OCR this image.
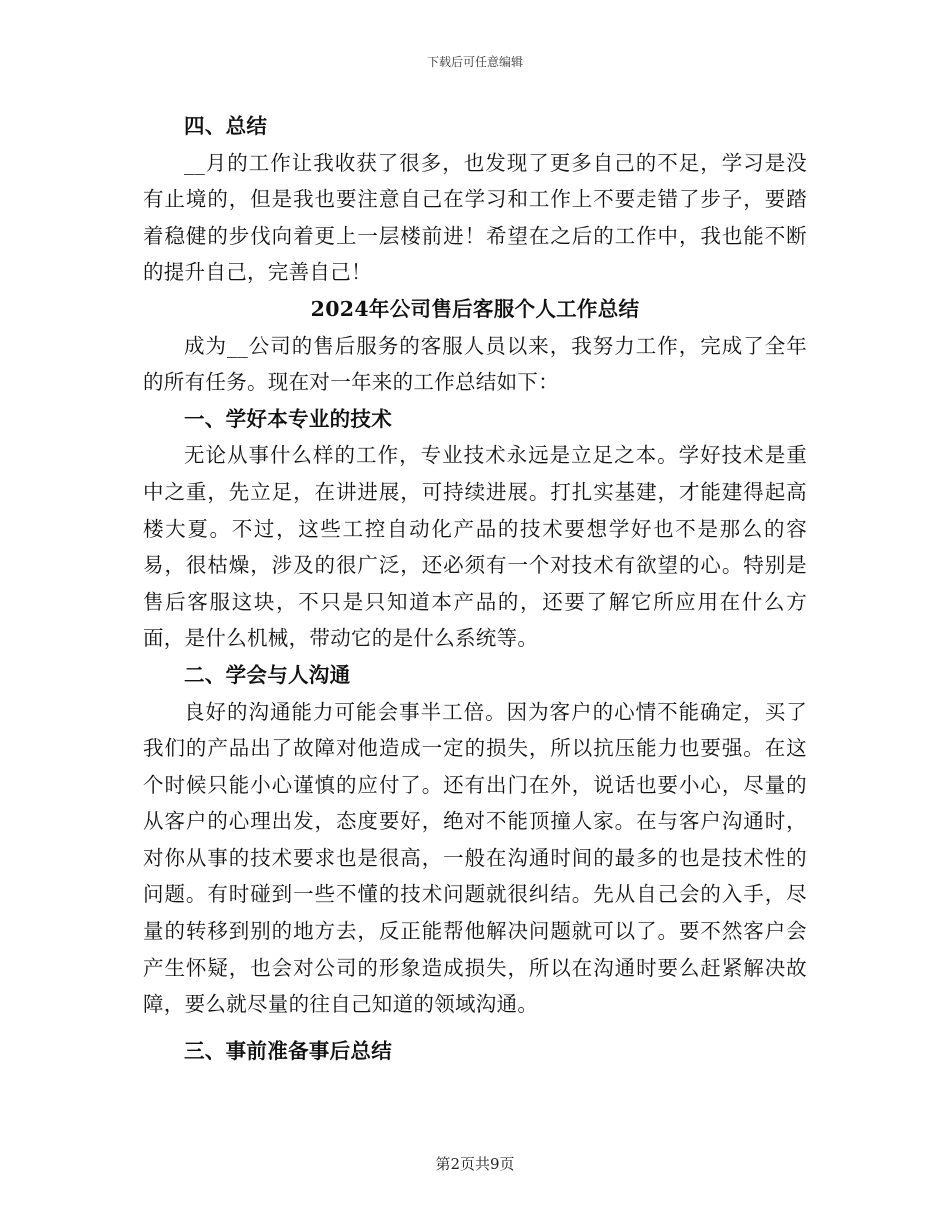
下载后可任意编辑

四、总结

__月的工作让我收获了很多，也发现了更多自己的不足，学习是没有止境的，但是我也要注意自己在学习和工作上不要走错了步子，要踏着稳健的步伐向着更上一层楼前进！希望在之后的工作中，我也能不断的提升自己，完善自己！

2024年公司售后客服个人工作总结

成为__公司的售后服务的客服人员以来，我努力工作，完成了全年的所有任务。现在对一年来的工作总结如下：

一、学好本专业的技术

无论从事什么样的工作，专业技术永远是立足之本。学好技术是重中之重，先立足，在讲进展，可持续进展。打扎实基建，才能建得起高楼大夏。不过，这些工控自动化产品的技术要想学好也不是那么的容易，很枯燥，涉及的很广泛，还必须有一个对技术有欲望的心。特别是售后客服这块，不只是只知道本产品的，还要了解它所应用在什么方面，是什么机械，带动它的是什么系统等。

二、学会与人沟通

良好的沟通能力可能会事半工倍。因为客户的心情不能确定，买了我们的产品出了故障对他造成一定的损失，所以抗压能力也要强。在这个时候只能小心谨慎的应付了。还有出门在外，说话也要小心，尽量的从客户的心理出发，态度要好，绝对不能顶撞人家。在与客户沟通时，对你从事的技术要求也是很高，一般在沟通时间的最多的也是技术性的问题。有时碰到一些不懂的技术问题就很纠结。先从自己会的入手，尽量的转移到别的地方去，反正能帮他解决问题就可以了。要不然客户会产生怀疑，也会对公司的形象造成损失，所以在沟通时要么赶紧解决故障，要么就尽量的往自己知道的领域沟通。

三、事前准备事后总结

第2页共9页
